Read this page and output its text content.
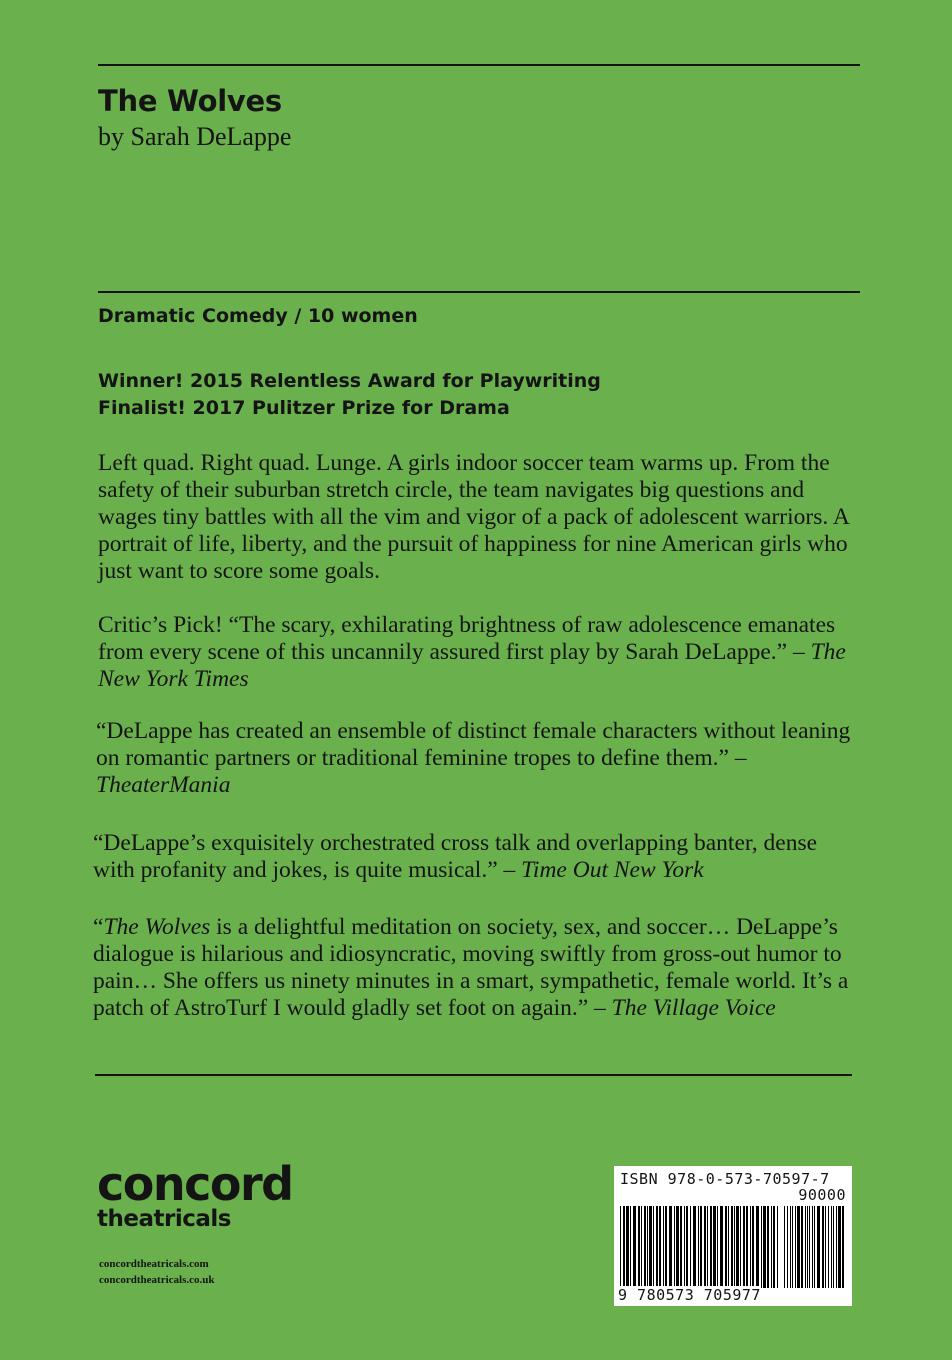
The Wolves
by Sarah DeLappe
Dramatic Comedy / 10 women
Winner! 2015 Relentless Award for Playwriting
Finalist! 2017 Pulitzer Prize for Drama

Left quad. Right quad. Lunge. A girls indoor soccer team warms up. From the safety of their suburban stretch circle, the team navigates big questions and wages tiny battles with all the vim and vigor of a pack of adolescent warriors. A portrait of life, liberty, and the pursuit of happiness for nine American girls who just want to score some goals.

Critic’s Pick! “The scary, exhilarating brightness of raw adolescence emanates from every scene of this uncannily assured first play by Sarah DeLappe.” – The New York Times

“DeLappe has created an ensemble of distinct female characters without leaning on romantic partners or traditional feminine tropes to define them.” – TheaterMania

“DeLappe’s exquisitely orchestrated cross talk and overlapping banter, dense with profanity and jokes, is quite musical.” – Time Out New York

“The Wolves is a delightful meditation on society, sex, and soccer… DeLappe’s dialogue is hilarious and idiosyncratic, moving swiftly from gross-out humor to pain… She offers us ninety minutes in a smart, sympathetic, female world. It’s a patch of AstroTurf I would gladly set foot on again.” – The Village Voice

concord
theatricals
concordtheatricals.com
concordtheatricals.co.uk
ISBN 978-0-573-70597-7
90000
9 780573 705977
